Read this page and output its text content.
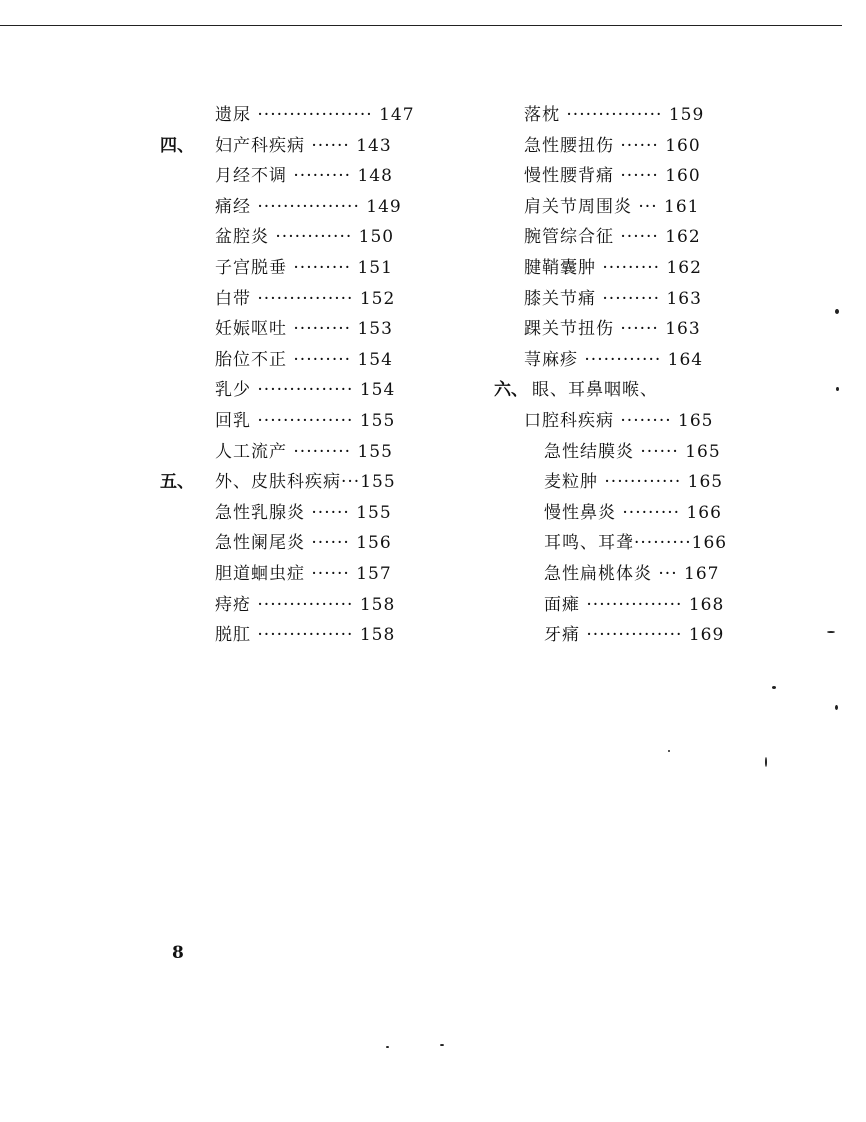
遗尿 ·················· 147
四、 妇产科疾病 ······ 143
月经不调 ········· 148
痛经 ················ 149
盆腔炎 ············ 150
子宫脱垂 ········· 151
白带 ··············· 152
妊娠呕吐 ········· 153
胎位不正 ········· 154
乳少 ··············· 154
回乳 ··············· 155
人工流产 ········· 155
五、 外、皮肤科疾病···155
急性乳腺炎 ······ 155
急性阑尾炎 ······ 156
胆道蛔虫症 ······ 157
痔疮 ··············· 158
脱肛 ··············· 158
落枕 ··············· 159
急性腰扭伤 ······ 160
慢性腰背痛 ······ 160
肩关节周围炎 ··· 161
腕管综合征 ······ 162
腱鞘囊肿 ········· 162
膝关节痛 ········· 163
踝关节扭伤 ······ 163
荨麻疹 ············ 164
六、 眼、耳鼻咽喉、
口腔科疾病 ········ 165
急性结膜炎 ······ 165
麦粒肿 ············ 165
慢性鼻炎 ········· 166
耳鸣、耳聋·········166
急性扁桃体炎 ··· 167
面瘫 ··············· 168
牙痛 ··············· 169
8
